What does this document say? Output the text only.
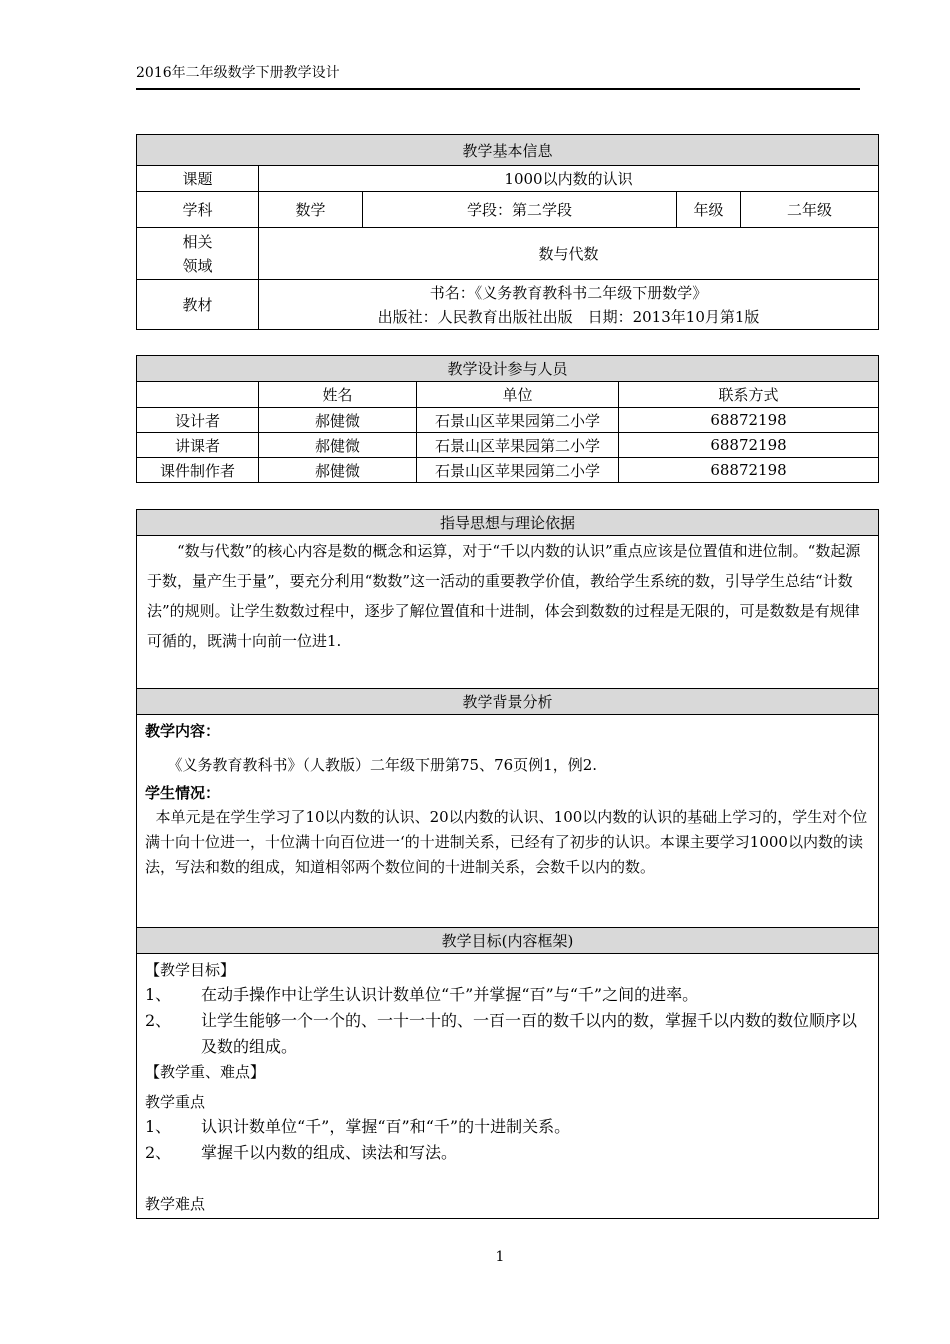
2016年二年级数学下册教学设计
教学基本信息				
课题	1000以内数的认识			
学科	数学	学段：第二学段	年级	二年级

相关
领域	数与代数			
教材	书名：《义务教育教科书二年级下册数学》
出版社：人民教育出版社出版　日期：2013年10月第1版			
教学设计参与人员			
	姓名	单位	联系方式
设计者	郝健微	石景山区苹果园第二小学	68872198
讲课者	郝健微	石景山区苹果园第二小学	68872198
课件制作者	郝健微	石景山区苹果园第二小学	68872198
指导思想与理论依据

“数与代数”的核心内容是数的概念和运算，对于“千以内数的认识”重点应该是位置值和进位制。“数起源于数，量产生于量”，要充分利用“数数”这一活动的重要教学价值，教给学生系统的数，引导学生总结“计数法”的规则。让学生数数过程中，逐步了解位置值和十进制，体会到数数的过程是无限的，可是数数是有规律可循的，既满十向前一位进1.

教学背景分析

教学内容：
《义务教育教科书》（人教版）二年级下册第75、76页例1，例2.
学生情况：
本单元是在学生学习了10以内数的认识、20以内数的认识、100以内数的认识的基础上学习的，学生对个位满十向十位进一，十位满十向百位进一‘的十进制关系，已经有了初步的认识。本课主要学习1000以内数的读法，写法和数的组成，知道相邻两个数位间的十进制关系，会数千以内的数。

教学目标(内容框架)

【教学目标】
1、	在动手操作中让学生认识计数单位“千”并掌握“百”与“千”之间的进率。
2、	让学生能够一个一个的、一十一十的、一百一百的数千以内的数，掌握千以内数的数位顺序以及数的组成。
【教学重、难点】
教学重点
1、	认识计数单位“千”，掌握“百”和“千”的十进制关系。
2、	掌握千以内数的组成、读法和写法。
教学难点
1
